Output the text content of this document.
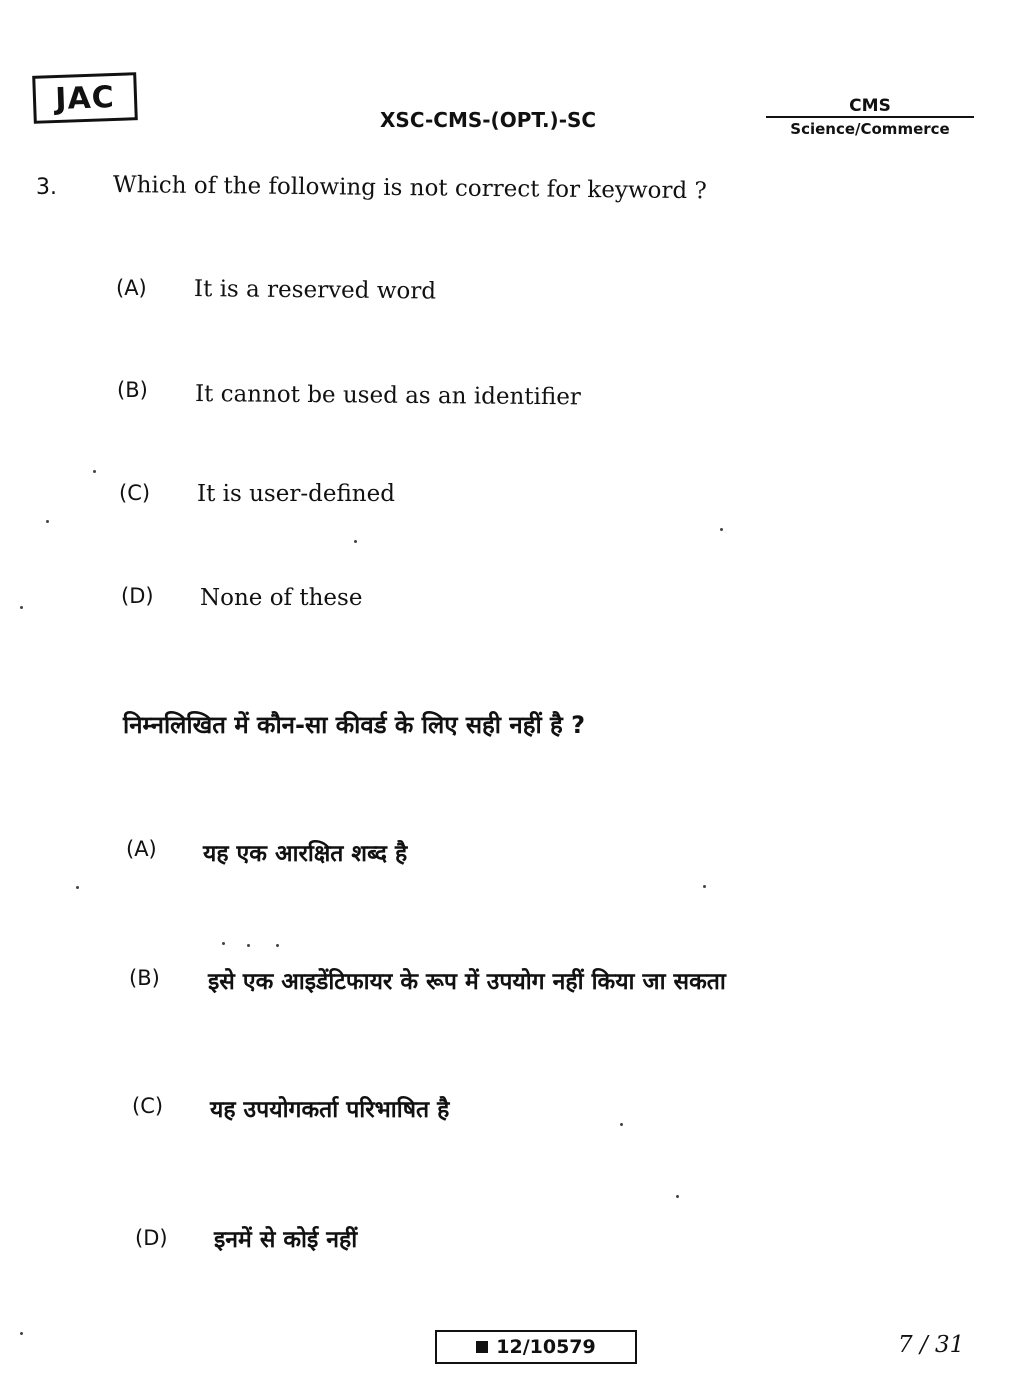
JAC
XSC-CMS-(OPT.)-SC
CMS
Science/Commerce
3. Which of the following is not correct for keyword ?
(A) It is a reserved word
(B) It cannot be used as an identifier
(C) It is user-defined
(D) None of these
निम्नलिखित में कौन-सा कीवर्ड के लिए सही नहीं है ?
(A) यह एक आरक्षित शब्द है
(B) इसे एक आइडेंटिफायर के रूप में उपयोग नहीं किया जा सकता
(C) यह उपयोगकर्ता परिभाषित है
(D) इनमें से कोई नहीं
12/10579	7 / 31
